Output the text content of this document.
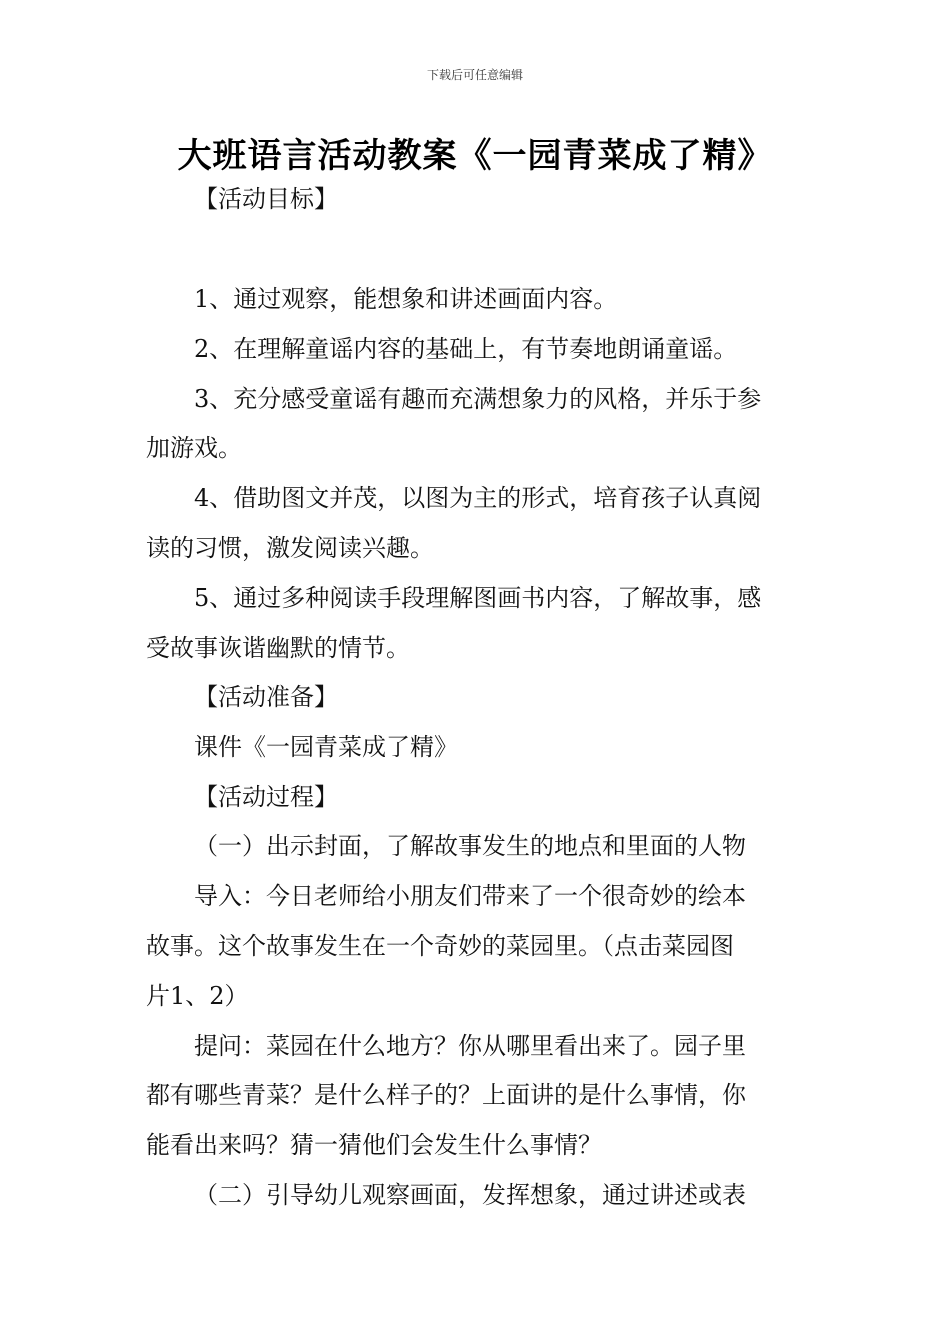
下载后可任意编辑
大班语言活动教案《一园青菜成了精》
【活动目标】
1、通过观察，能想象和讲述画面内容。
2、在理解童谣内容的基础上，有节奏地朗诵童谣。
3、充分感受童谣有趣而充满想象力的风格，并乐于参
加游戏。
4、借助图文并茂，以图为主的形式，培育孩子认真阅
读的习惯，激发阅读兴趣。
5、通过多种阅读手段理解图画书内容，了解故事，感
受故事诙谐幽默的情节。
【活动准备】
课件《一园青菜成了精》
【活动过程】
（一）出示封面，了解故事发生的地点和里面的人物
导入：今日老师给小朋友们带来了一个很奇妙的绘本
故事。这个故事发生在一个奇妙的菜园里。（点击菜园图
片1、2）
提问：菜园在什么地方？你从哪里看出来了。园子里
都有哪些青菜？是什么样子的？上面讲的是什么事情，你
能看出来吗？猜一猜他们会发生什么事情？
（二）引导幼儿观察画面，发挥想象，通过讲述或表
